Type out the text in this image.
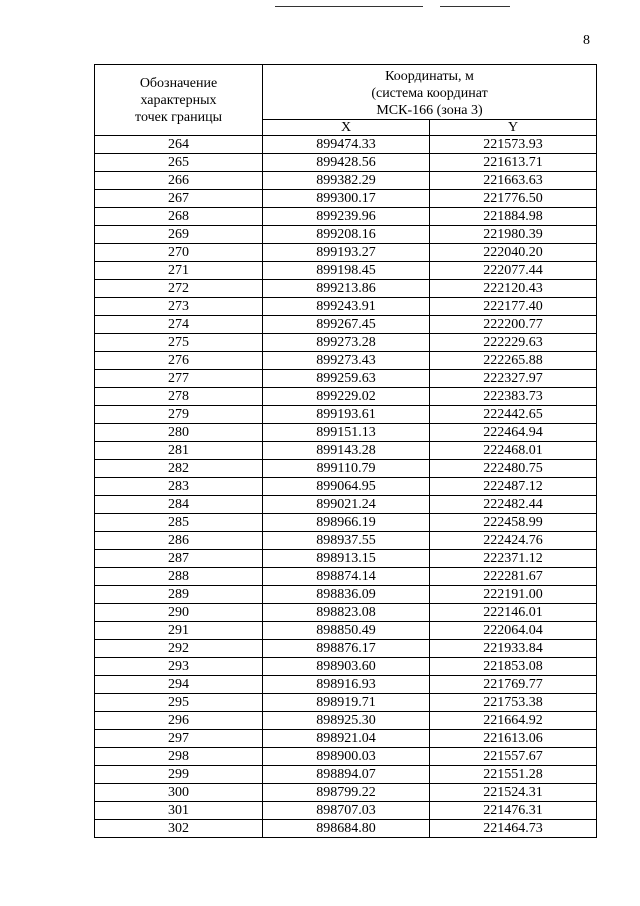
8
Обозначение
характерных
точек границы	Координаты, м
(система координат
МСК-166 (зона 3)	

	X	Y
264	899474.33	221573.93
265	899428.56	221613.71
266	899382.29	221663.63
267	899300.17	221776.50
268	899239.96	221884.98
269	899208.16	221980.39
270	899193.27	222040.20
271	899198.45	222077.44
272	899213.86	222120.43
273	899243.91	222177.40
274	899267.45	222200.77
275	899273.28	222229.63
276	899273.43	222265.88
277	899259.63	222327.97
278	899229.02	222383.73
279	899193.61	222442.65
280	899151.13	222464.94
281	899143.28	222468.01
282	899110.79	222480.75
283	899064.95	222487.12
284	899021.24	222482.44
285	898966.19	222458.99
286	898937.55	222424.76
287	898913.15	222371.12
288	898874.14	222281.67
289	898836.09	222191.00
290	898823.08	222146.01
291	898850.49	222064.04
292	898876.17	221933.84
293	898903.60	221853.08
294	898916.93	221769.77
295	898919.71	221753.38
296	898925.30	221664.92
297	898921.04	221613.06
298	898900.03	221557.67
299	898894.07	221551.28
300	898799.22	221524.31
301	898707.03	221476.31
302	898684.80	221464.73
